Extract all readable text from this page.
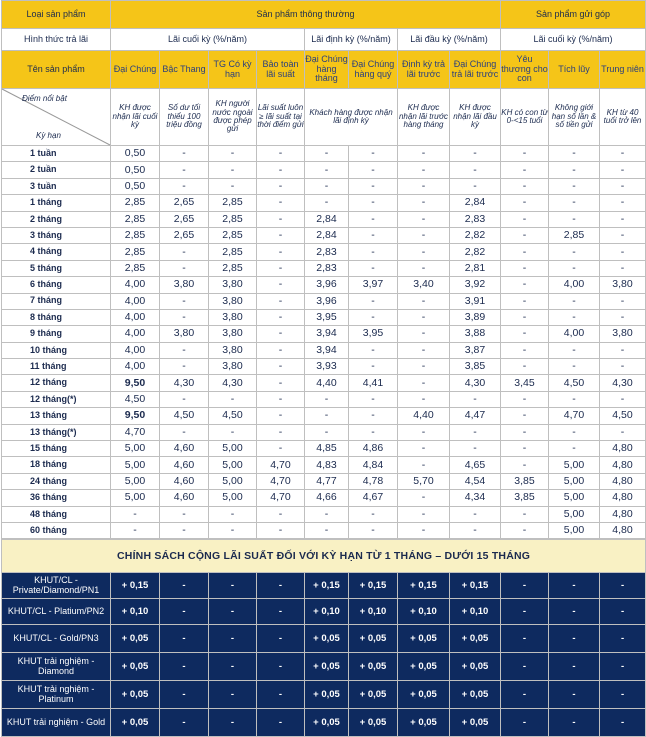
Loại sản phẩm	Sản phẩm thông thường								Sản phẩm gửi góp		
Hình thức trả lãi	Lãi cuối kỳ (%/năm)				Lãi định kỳ (%/năm)		Lãi đầu kỳ (%/năm)		Lãi cuối kỳ (%/năm)		
Tên sản phẩm	Đại Chúng	Bậc Thang	TG Có kỳ hạn	Bảo toàn lãi suất	Đại Chúng hàng tháng	Đại Chúng hàng quý	Định kỳ trả lãi trước	Đại Chúng trả lãi trước	Yêu thương cho con	Tích lũy	Trung niên

Điểm nổi bật
Kỳ hạn	KH được nhận lãi cuối kỳ	Số dư tối thiểu 100 triệu đồng	KH người nước ngoài được phép gửi	Lãi suất luôn ≥ lãi suất tại thời điểm gửi	Khách hàng được nhận lãi định kỳ		KH được nhận lãi trước hàng tháng	KH được nhận lãi đầu kỳ	KH có con từ 0-<15 tuổi	Không giới hạn số lần & số tiền gửi	KH từ 40 tuổi trở lên
1 tuần	0,50	-	-	-	-	-	-	-	-	-	-
2 tuần	0,50	-	-	-	-	-	-	-	-	-	-
3 tuần	0,50	-	-	-	-	-	-	-	-	-	-
1 tháng	2,85	2,65	2,85	-	-	-	-	2,84	-	-	-
2 tháng	2,85	2,65	2,85	-	2,84	-	-	2,83	-	-	-
3 tháng	2,85	2,65	2,85	-	2,84	-	-	2,82	-	2,85	-
4 tháng	2,85	-	2,85	-	2,83	-	-	2,82	-	-	-
5 tháng	2,85	-	2,85	-	2,83	-	-	2,81	-	-	-
6 tháng	4,00	3,80	3,80	-	3,96	3,97	3,40	3,92	-	4,00	3,80
7 tháng	4,00	-	3,80	-	3,96	-	-	3,91	-	-	-
8 tháng	4,00	-	3,80	-	3,95	-	-	3,89	-	-	-
9 tháng	4,00	3,80	3,80	-	3,94	3,95	-	3,88	-	4,00	3,80
10 tháng	4,00	-	3,80	-	3,94	-	-	3,87	-	-	-
11 tháng	4,00	-	3,80	-	3,93	-	-	3,85	-	-	-
12 tháng	9,50	4,30	4,30	-	4,40	4,41	-	4,30	3,45	4,50	4,30
12 tháng(*)	4,50	-	-	-	-	-	-	-	-	-	-
13 tháng	9,50	4,50	4,50	-	-	-	4,40	4,47	-	4,70	4,50
13 tháng(*)	4,70	-	-	-	-	-	-	-	-	-	-
15 tháng	5,00	4,60	5,00	-	4,85	4,86	-	-	-	-	4,80
18 tháng	5,00	4,60	5,00	4,70	4,83	4,84	-	4,65	-	5,00	4,80
24 tháng	5,00	4,60	5,00	4,70	4,77	4,78	5,70	4,54	3,85	5,00	4,80
36 tháng	5,00	4,60	5,00	4,70	4,66	4,67	-	4,34	3,85	5,00	4,80
48 tháng	-	-	-	-	-	-	-	-	-	5,00	4,80
60 tháng	-	-	-	-	-	-	-	-	-	5,00	4,80
CHÍNH SÁCH CỘNG LÃI SUẤT ĐỐI VỚI KỲ HẠN TỪ 1 THÁNG – DƯỚI 15 THÁNG											
KHUT/CL - Private/Diamond/PN1	+ 0,15	-	-	-	+ 0,15	+ 0,15	+ 0,15	+ 0,15	-	-	-
KHUT/CL - Platium/PN2	+ 0,10	-	-	-	+ 0,10	+ 0,10	+ 0,10	+ 0,10	-	-	-
KHUT/CL - Gold/PN3	+ 0,05	-	-	-	+ 0,05	+ 0,05	+ 0,05	+ 0,05	-	-	-
KHUT trải nghiệm - Diamond	+ 0,05	-	-	-	+ 0,05	+ 0,05	+ 0,05	+ 0,05	-	-	-
KHUT trải nghiệm - Platinum	+ 0,05	-	-	-	+ 0,05	+ 0,05	+ 0,05	+ 0,05	-	-	-
KHUT trải nghiệm - Gold	+ 0,05	-	-	-	+ 0,05	+ 0,05	+ 0,05	+ 0,05	-	-	-
